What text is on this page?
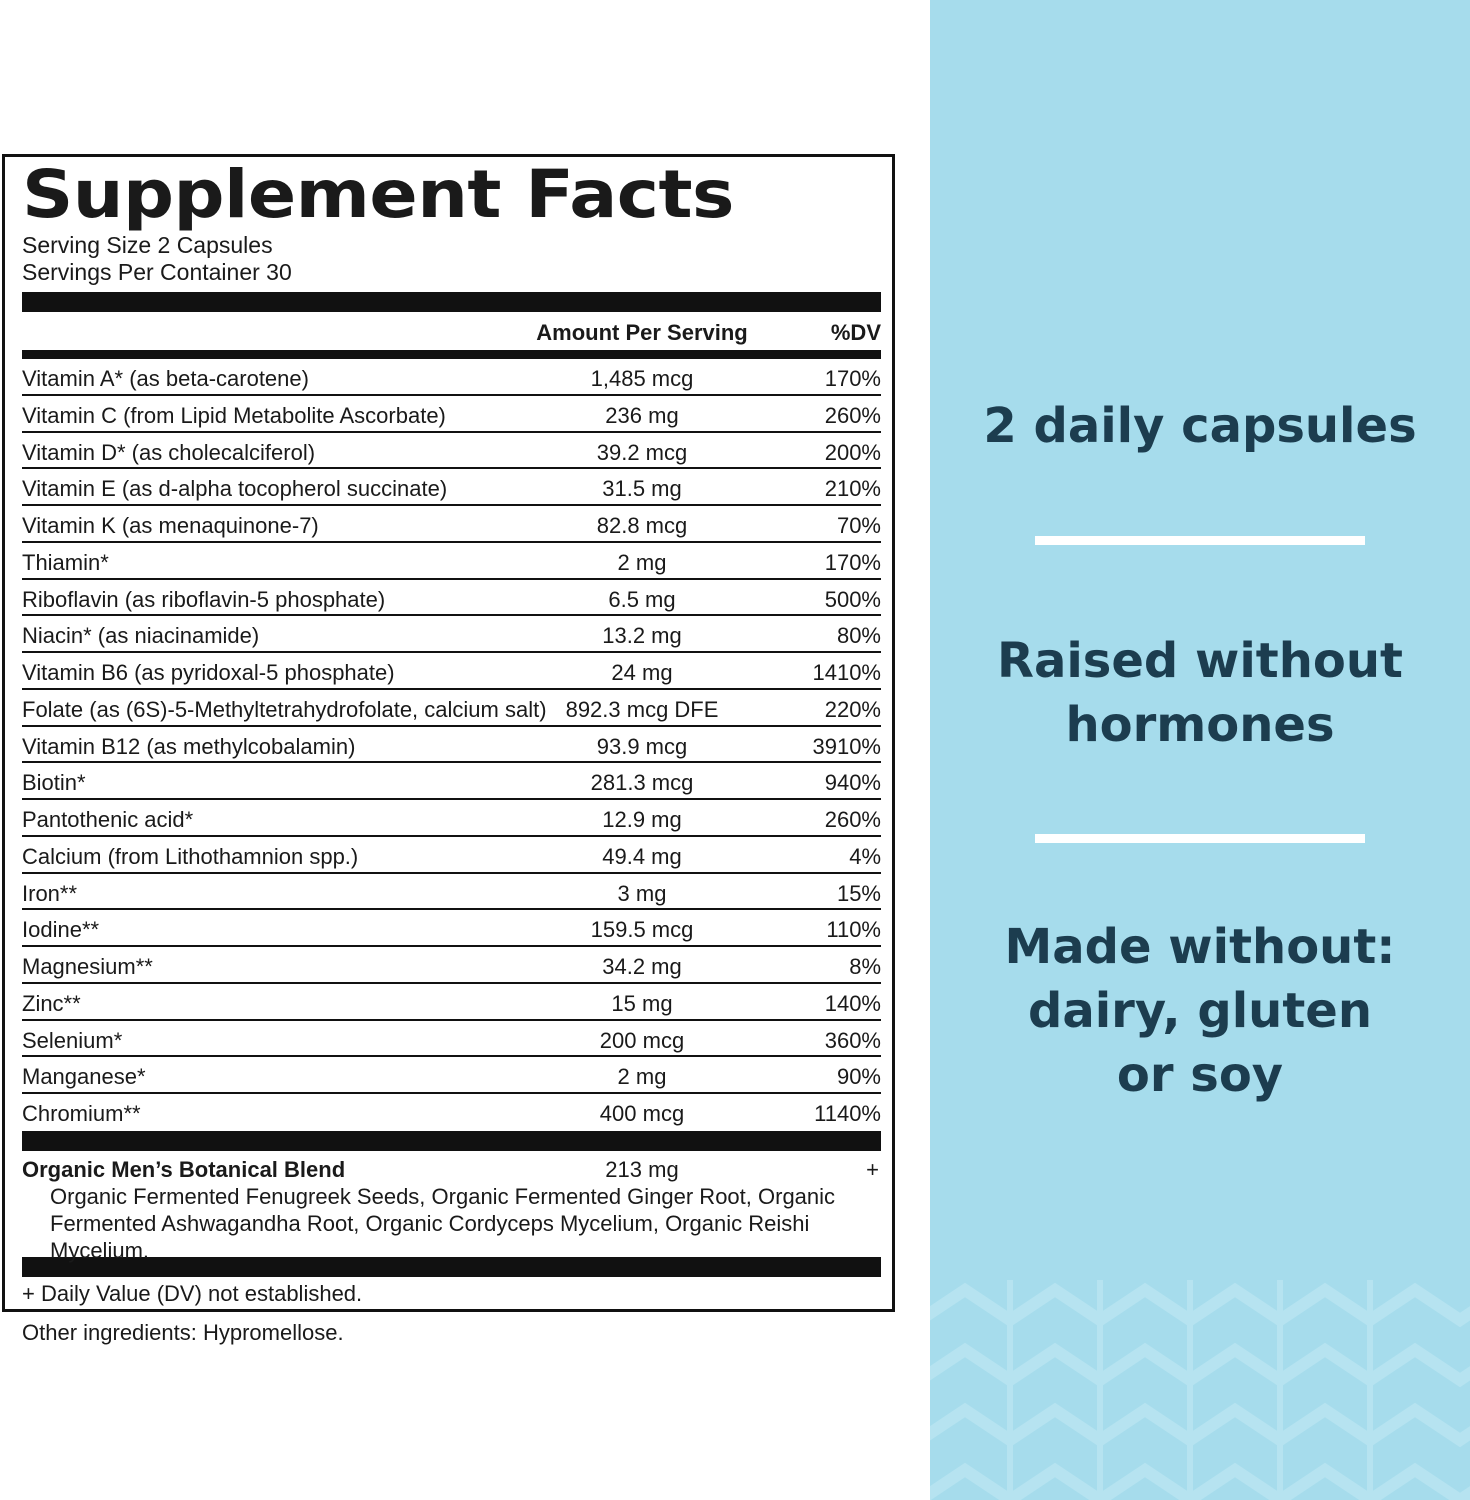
Supplement Facts
Serving Size 2 Capsules
Servings Per Container 30
Amount Per Serving	%DV
Vitamin A* (as beta-carotene)	1,485 mcg	170%
Vitamin C (from Lipid Metabolite Ascorbate)	236 mg	260%
Vitamin D* (as cholecalciferol)	39.2 mcg	200%
Vitamin E (as d-alpha tocopherol succinate)	31.5 mg	210%
Vitamin K (as menaquinone-7)	82.8 mcg	70%
Thiamin*	2 mg	170%
Riboflavin (as riboflavin-5 phosphate)	6.5 mg	500%
Niacin* (as niacinamide)	13.2 mg	80%
Vitamin B6 (as pyridoxal-5 phosphate)	24 mg	1410%
Folate (as (6S)-5-Methyltetrahydrofolate, calcium salt) 892.3 mcg DFE	220%
Vitamin B12 (as methylcobalamin)	93.9 mcg	3910%
Biotin*	281.3 mcg	940%
Pantothenic acid*	12.9 mg	260%
Calcium (from Lithothamnion spp.)	49.4 mg	4%
Iron**	3 mg	15%
Iodine**	159.5 mcg	110%
Magnesium**	34.2 mg	8%
Zinc**	15 mg	140%
Selenium*	200 mcg	360%
Manganese*	2 mg	90%
Chromium**	400 mcg	1140%
Organic Men’s Botanical Blend	213 mg	+
Organic Fermented Fenugreek Seeds, Organic Fermented Ginger Root, Organic Fermented Ashwagandha Root, Organic Cordyceps Mycelium, Organic Reishi Mycelium.
+ Daily Value (DV) not established.
Other ingredients: Hypromellose.
2 daily capsules
Raised without
hormones
Made without:
dairy, gluten
or soy
